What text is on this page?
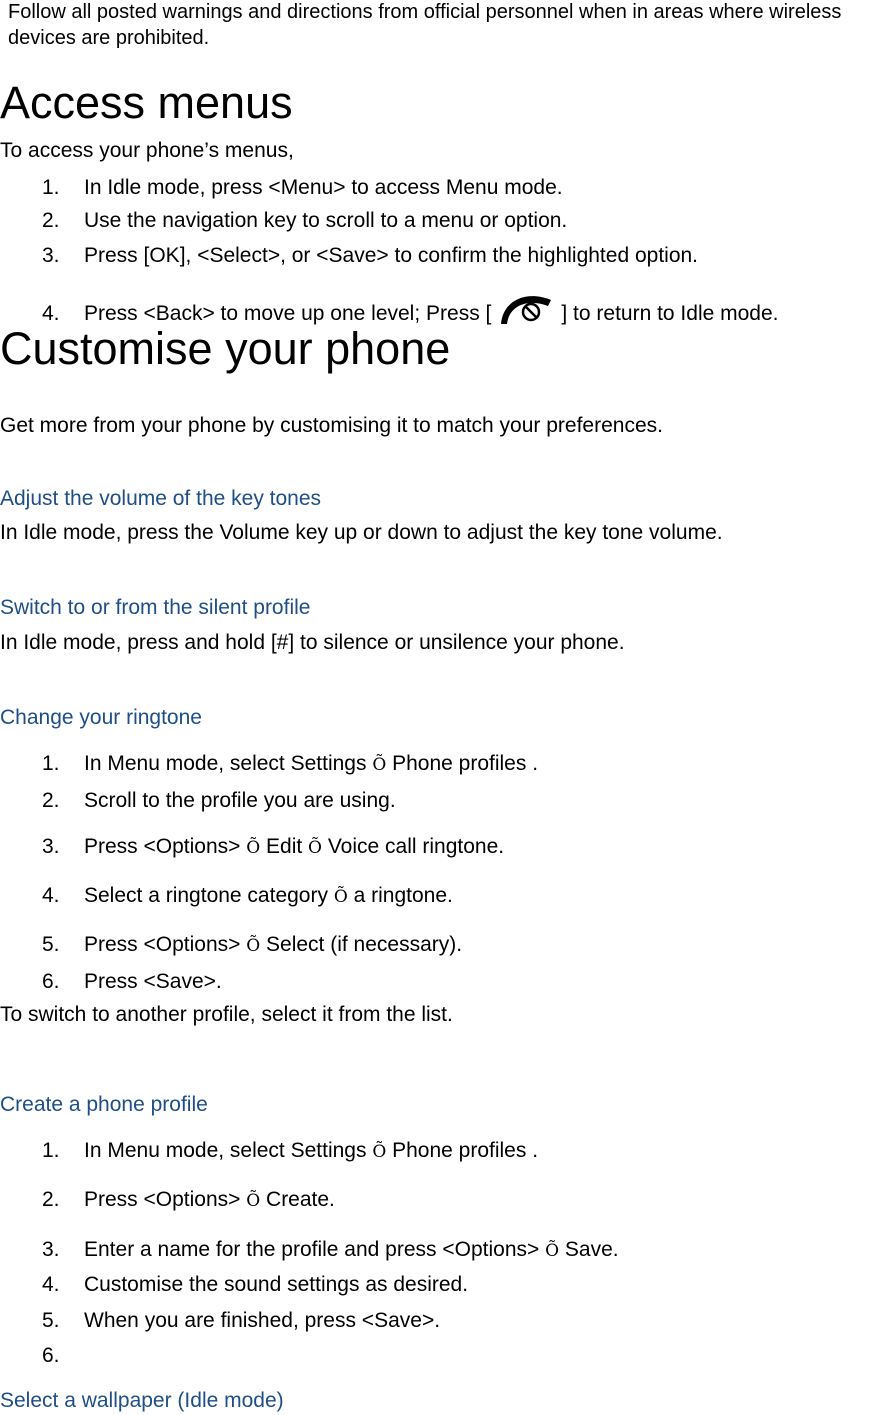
Follow all posted warnings and directions from official personnel when in areas where wireless devices are prohibited.
Access menus
To access your phone’s menus,
1. In Idle mode, press <Menu> to access Menu mode.
2. Use the navigation key to scroll to a menu or option.
3. Press [OK], <Select>, or <Save> to confirm the highlighted option.
4. Press <Back> to move up one level; Press [	] to return to Idle mode.
Customise your phone
Get more from your phone by customising it to match your preferences.
Adjust the volume of the key tones
In Idle mode, press the Volume key up or down to adjust the key tone volume.
Switch to or from the silent profile
In Idle mode, press and hold [#] to silence or unsilence your phone.
Change your ringtone
1. In Menu mode, select Settings Õ Phone profiles .
2. Scroll to the profile you are using.
3. Press <Options> Õ Edit Õ Voice call ringtone.
4. Select a ringtone category Õ a ringtone.
5. Press <Options> Õ Select (if necessary).
6. Press <Save>.
To switch to another profile, select it from the list.
Create a phone profile
1. In Menu mode, select Settings Õ Phone profiles .
2. Press <Options> Õ Create.
3. Enter a name for the profile and press <Options> Õ Save.
4. Customise the sound settings as desired.
5. When you are finished, press <Save>.
6.
Select a wallpaper (Idle mode)
